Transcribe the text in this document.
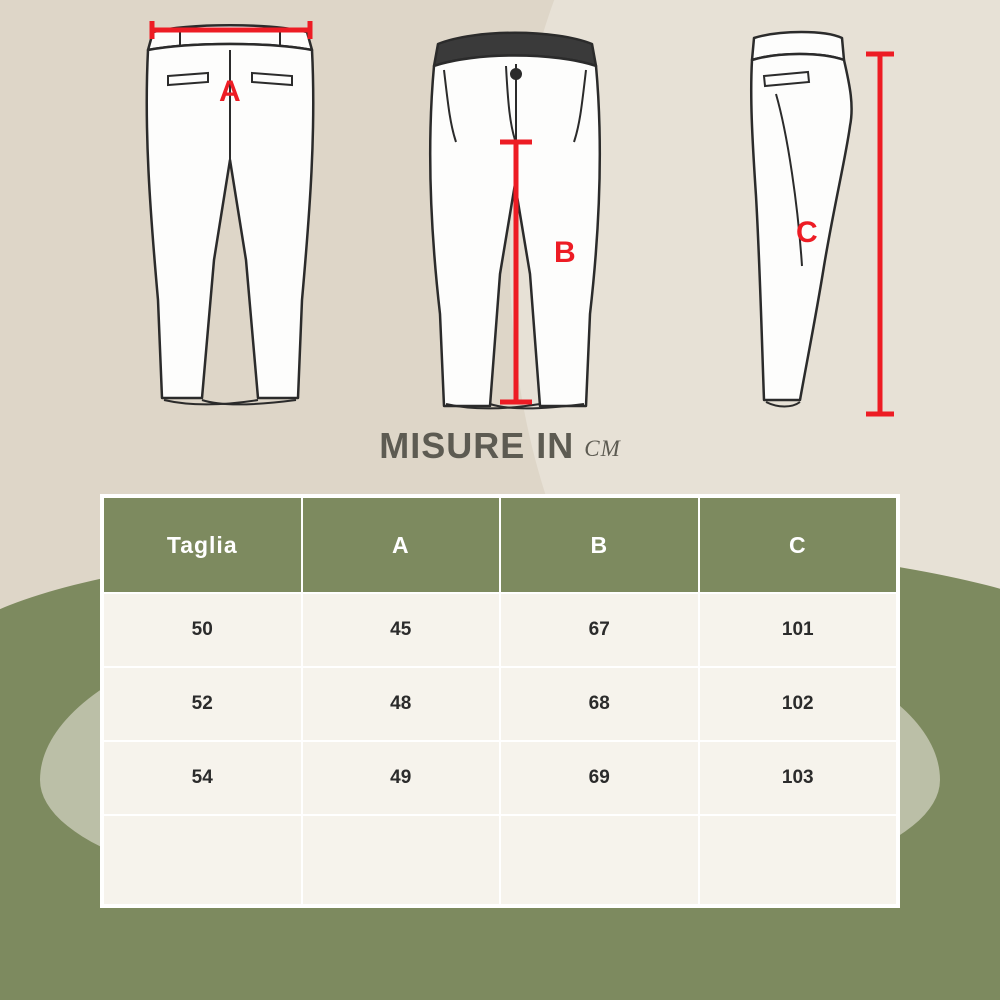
A
B
C
MISURE IN cm
Taglia	A	B	C
50	45	67	101
52	48	68	102
54	49	69	103
